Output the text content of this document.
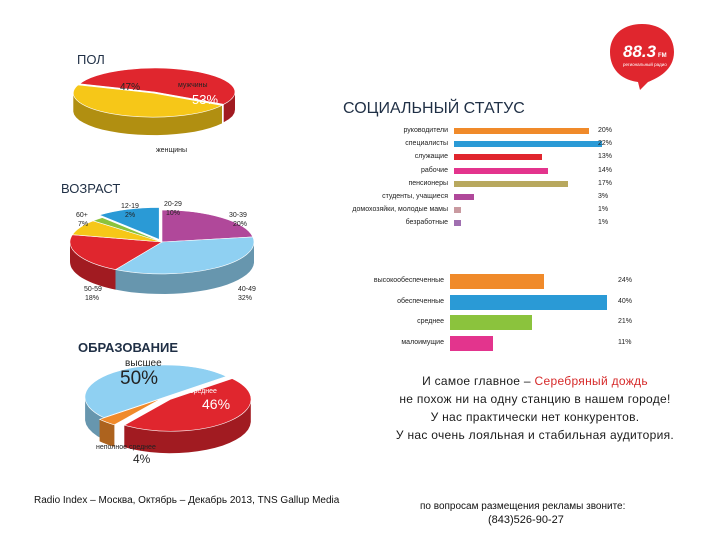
88.3 FM
региональный радио
ПОЛ
ВОЗРАСТ
ОБРАЗОВАНИЕ
СОЦИАЛЬНЫЙ СТАТУС
женщины
47%	мужчины
53%
30-39
20%
40-49
32%
50-59
18%
60+
7%
12-19
2%
20-29
10%
высшее
50%
среднее
46%
неполное среднее
4%
руководители	20%
специалисты	22%
служащие	13%
рабочие	14%
пенсионеры	17%
студенты, учащиеся	3%
домохозяйки, молодые мамы	1%
безработные	1%
высокообеспеченные	24%
обеспеченные	40%
среднее	21%
малоимущие	11%
И самое главное – Серебряный дождь
не похож ни на одну станцию в нашем городе!
У нас практически нет конкурентов.
У нас очень лояльная и стабильная аудитория.
Radio Index – Москва, Октябрь – Декабрь 2013, TNS Gallup Media
по вопросам размещения рекламы звоните:
(843)526-90-27
